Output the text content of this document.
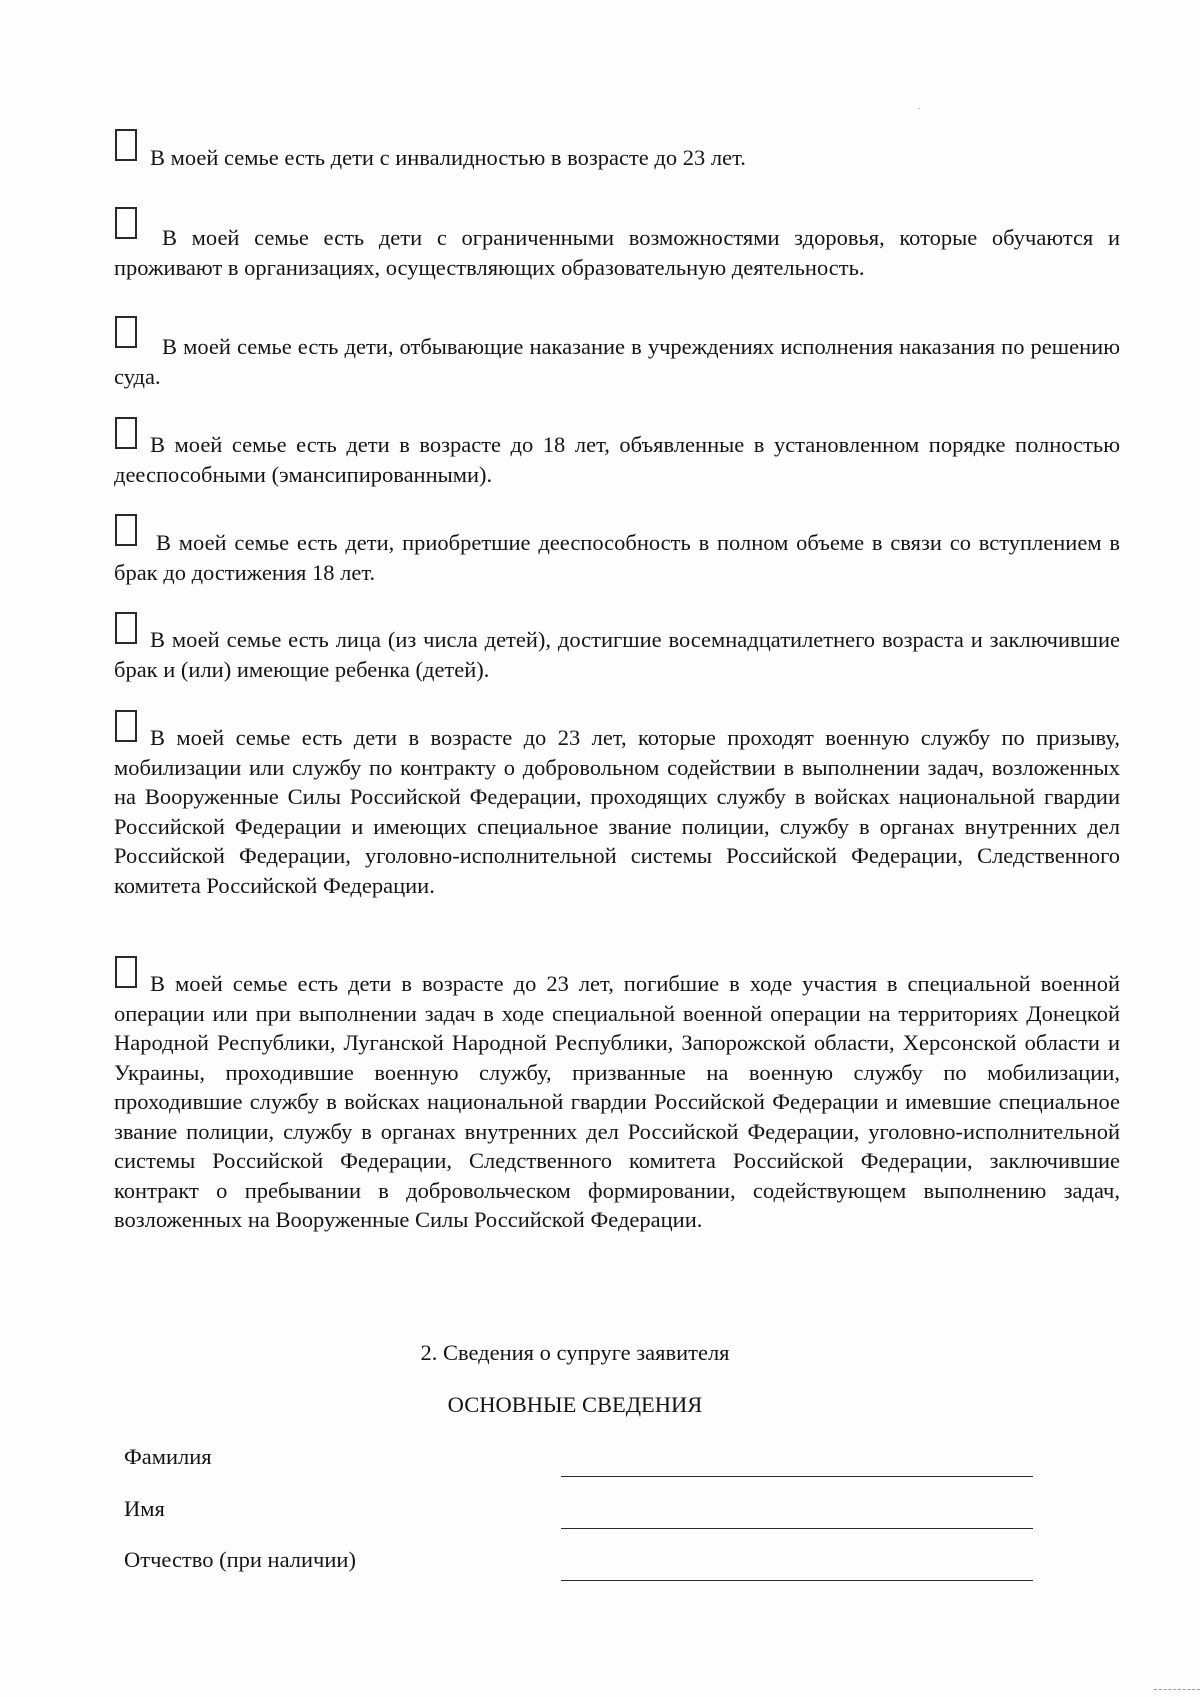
В моей семье есть дети с инвалидностью в возрасте до 23 лет.
В моей семье есть дети с ограниченными возможностями здоровья, которые обучаются и проживают в организациях, осуществляющих образовательную деятельность.
В моей семье есть дети, отбывающие наказание в учреждениях исполнения наказания по решению суда.
В моей семье есть дети в возрасте до 18 лет, объявленные в установленном порядке полностью дееспособными (эмансипированными).
В моей семье есть дети, приобретшие дееспособность в полном объеме в связи со вступлением в брак до достижения 18 лет.
В моей семье есть лица (из числа детей), достигшие восемнадцатилетнего возраста и заключившие брак и (или) имеющие ребенка (детей).
В моей семье есть дети в возрасте до 23 лет, которые проходят военную службу по призыву, мобилизации или службу по контракту о добровольном содействии в выполнении задач, возложенных на Вооруженные Силы Российской Федерации, проходящих службу в войсках национальной гвардии Российской Федерации и имеющих специальное звание полиции, службу в органах внутренних дел Российской Федерации, уголовно-исполнительной системы Российской Федерации, Следственного комитета Российской Федерации.
В моей семье есть дети в возрасте до 23 лет, погибшие в ходе участия в специальной военной операции или при выполнении задач в ходе специальной военной операции на территориях Донецкой Народной Республики, Луганской Народной Республики, Запорожской области, Херсонской области и Украины, проходившие военную службу, призванные на военную службу по мобилизации, проходившие службу в войсках национальной гвардии Российской Федерации и имевшие специальное звание полиции, службу в органах внутренних дел Российской Федерации, уголовно-исполнительной системы Российской Федерации, Следственного комитета Российской Федерации, заключившие контракт о пребывании в добровольческом формировании, содействующем выполнению задач, возложенных на Вооруженные Силы Российской Федерации.
2. Сведения о супруге заявителя
ОСНОВНЫЕ СВЕДЕНИЯ
Фамилия
Имя
Отчество (при наличии)
